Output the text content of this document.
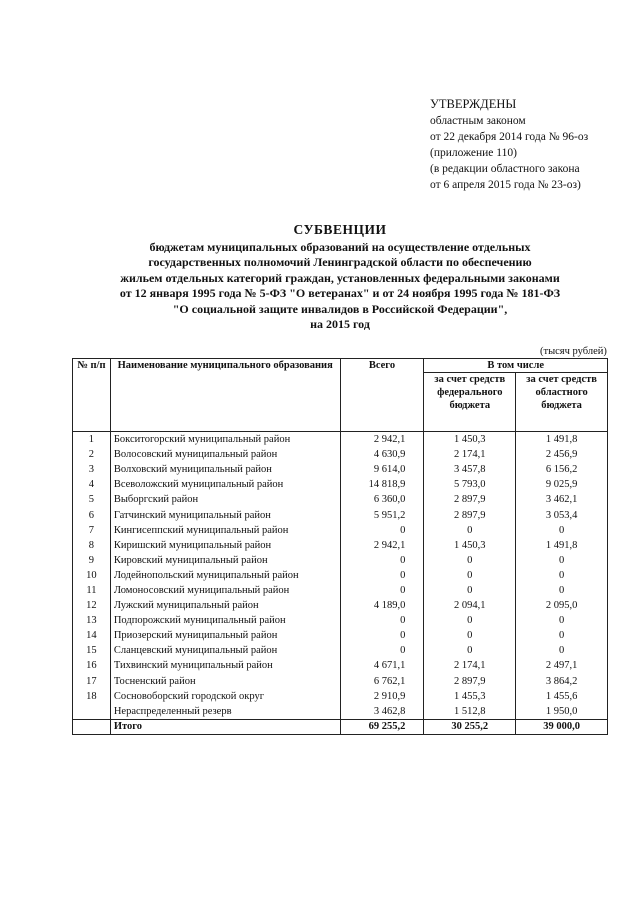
УТВЕРЖДЕНЫ
областным законом
от 22 декабря 2014 года № 96-оз
(приложение 110)
(в редакции областного закона
от 6 апреля 2015 года № 23-оз)
СУБВЕНЦИИ
бюджетам муниципальных образований на осуществление отдельных
государственных полномочий Ленинградской области по обеспечению
жильем отдельных категорий граждан, установленных федеральными законами
от 12 января 1995 года № 5-ФЗ "О ветеранах" и от 24 ноября 1995 года № 181-ФЗ
"О социальной защите инвалидов в Российской Федерации",
на 2015 год
(тысяч рублей)
№ п/п	Наименование муниципального образования	Всего	В том числе	
			за счет средств федерального бюджета	за счет средств областного бюджета
1	Бокситогорский муниципальный район	2 942,1	1 450,3	1 491,8
2	Волосовский муниципальный район	4 630,9	2 174,1	2 456,9
3	Волховский муниципальный район	9 614,0	3 457,8	6 156,2
4	Всеволожский муниципальный район	14 818,9	5 793,0	9 025,9
5	Выборгский район	6 360,0	2 897,9	3 462,1
6	Гатчинский муниципальный район	5 951,2	2 897,9	3 053,4
7	Кингисеппский муниципальный район	0	0	0
8	Киришский муниципальный район	2 942,1	1 450,3	1 491,8
9	Кировский муниципальный район	0	0	0
10	Лодейнопольский муниципальный район	0	0	0
11	Ломоносовский муниципальный район	0	0	0
12	Лужский муниципальный район	4 189,0	2 094,1	2 095,0
13	Подпорожский муниципальный район	0	0	0
14	Приозерский муниципальный район	0	0	0
15	Сланцевский муниципальный район	0	0	0
16	Тихвинский муниципальный район	4 671,1	2 174,1	2 497,1
17	Тосненский район	6 762,1	2 897,9	3 864,2
18	Сосновоборский городской округ	2 910,9	1 455,3	1 455,6
	Нераспределенный резерв	3 462,8	1 512,8	1 950,0
	Итого	69 255,2	30 255,2	39 000,0
